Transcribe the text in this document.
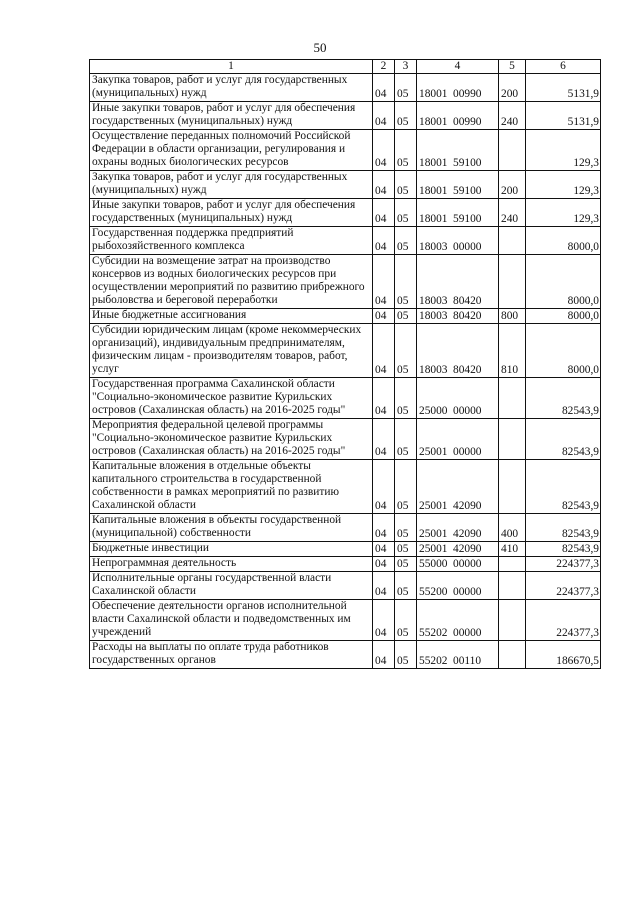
50
1	2	3	4	5	6
Закупка товаров, работ и услуг для государственных (муниципальных) нужд	04	05	18001 00990	200	5131,9
Иные закупки товаров, работ и услуг для обеспечения государственных (муниципальных) нужд	04	05	18001 00990	240	5131,9
Осуществление переданных полномочий Российской Федерации в области организации, регулирования и охраны водных биологических ресурсов	04	05	18001 59100		129,3
Закупка товаров, работ и услуг для государственных (муниципальных) нужд	04	05	18001 59100	200	129,3
Иные закупки товаров, работ и услуг для обеспечения государственных (муниципальных) нужд	04	05	18001 59100	240	129,3
Государственная поддержка предприятий рыбохозяйственного комплекса	04	05	18003 00000		8000,0
Субсидии на возмещение затрат на производство консервов из водных биологических ресурсов при осуществлении мероприятий по развитию прибрежного рыболовства и береговой переработки	04	05	18003 80420		8000,0
Иные бюджетные ассигнования	04	05	18003 80420	800	8000,0
Субсидии юридическим лицам (кроме некоммерческих организаций), индивидуальным предпринимателям, физическим лицам - производителям товаров, работ, услуг	04	05	18003 80420	810	8000,0
Государственная программа Сахалинской области "Социально-экономическое развитие Курильских островов (Сахалинская область) на 2016-2025 годы"	04	05	25000 00000		82543,9
Мероприятия федеральной целевой программы "Социально-экономическое развитие Курильских островов (Сахалинская область) на 2016-2025 годы"	04	05	25001 00000		82543,9
Капитальные вложения в отдельные объекты капитального строительства в государственной собственности в рамках мероприятий по развитию Сахалинской области	04	05	25001 42090		82543,9
Капитальные вложения в объекты государственной (муниципальной) собственности	04	05	25001 42090	400	82543,9
Бюджетные инвестиции	04	05	25001 42090	410	82543,9
Непрограммная деятельность	04	05	55000 00000		224377,3
Исполнительные органы государственной власти Сахалинской области	04	05	55200 00000		224377,3
Обеспечение деятельности органов исполнительной власти Сахалинской области и подведомственных им учреждений	04	05	55202 00000		224377,3
Расходы на выплаты по оплате труда работников государственных органов	04	05	55202 00110		186670,5
